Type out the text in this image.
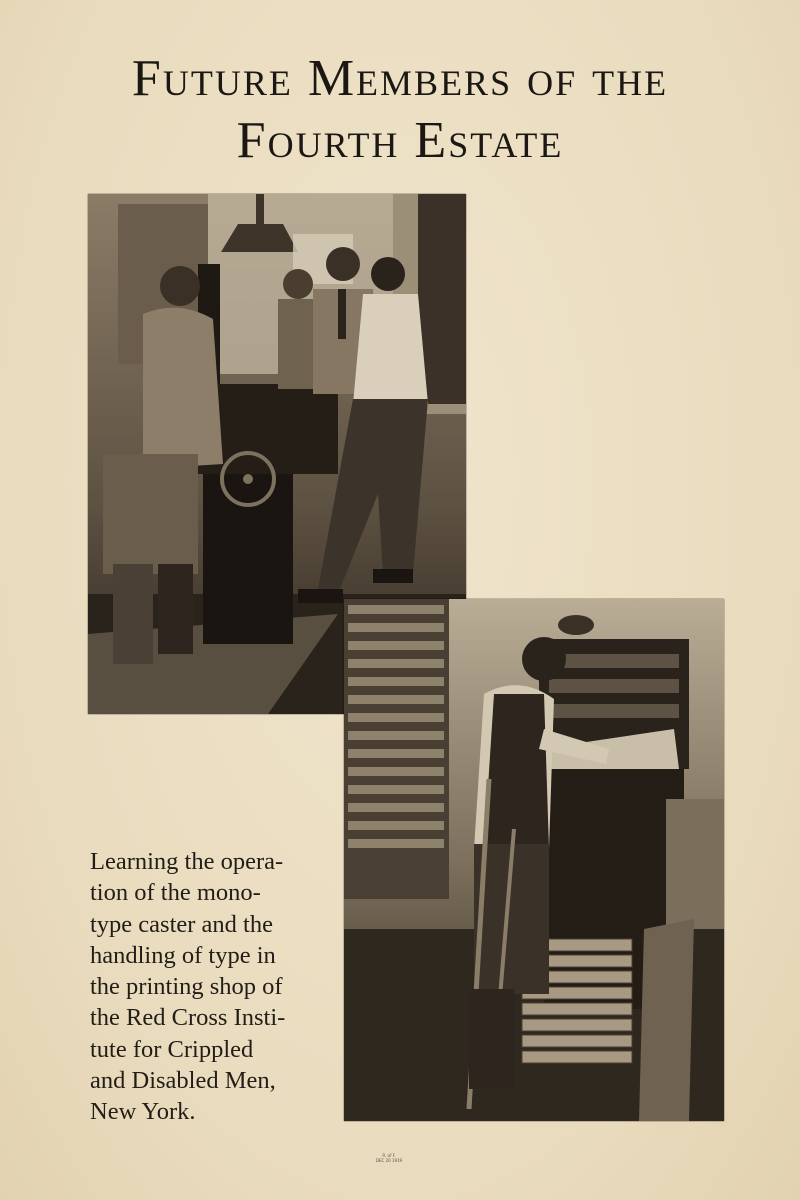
Future Members of the
Fourth Estate

Learning the opera-
tion of the mono-
type caster and the
handling of type in
the printing shop of
the Red Cross Insti-
tute for Crippled
and Disabled Men,
New York.

R. of F.
DEC 20 1919
